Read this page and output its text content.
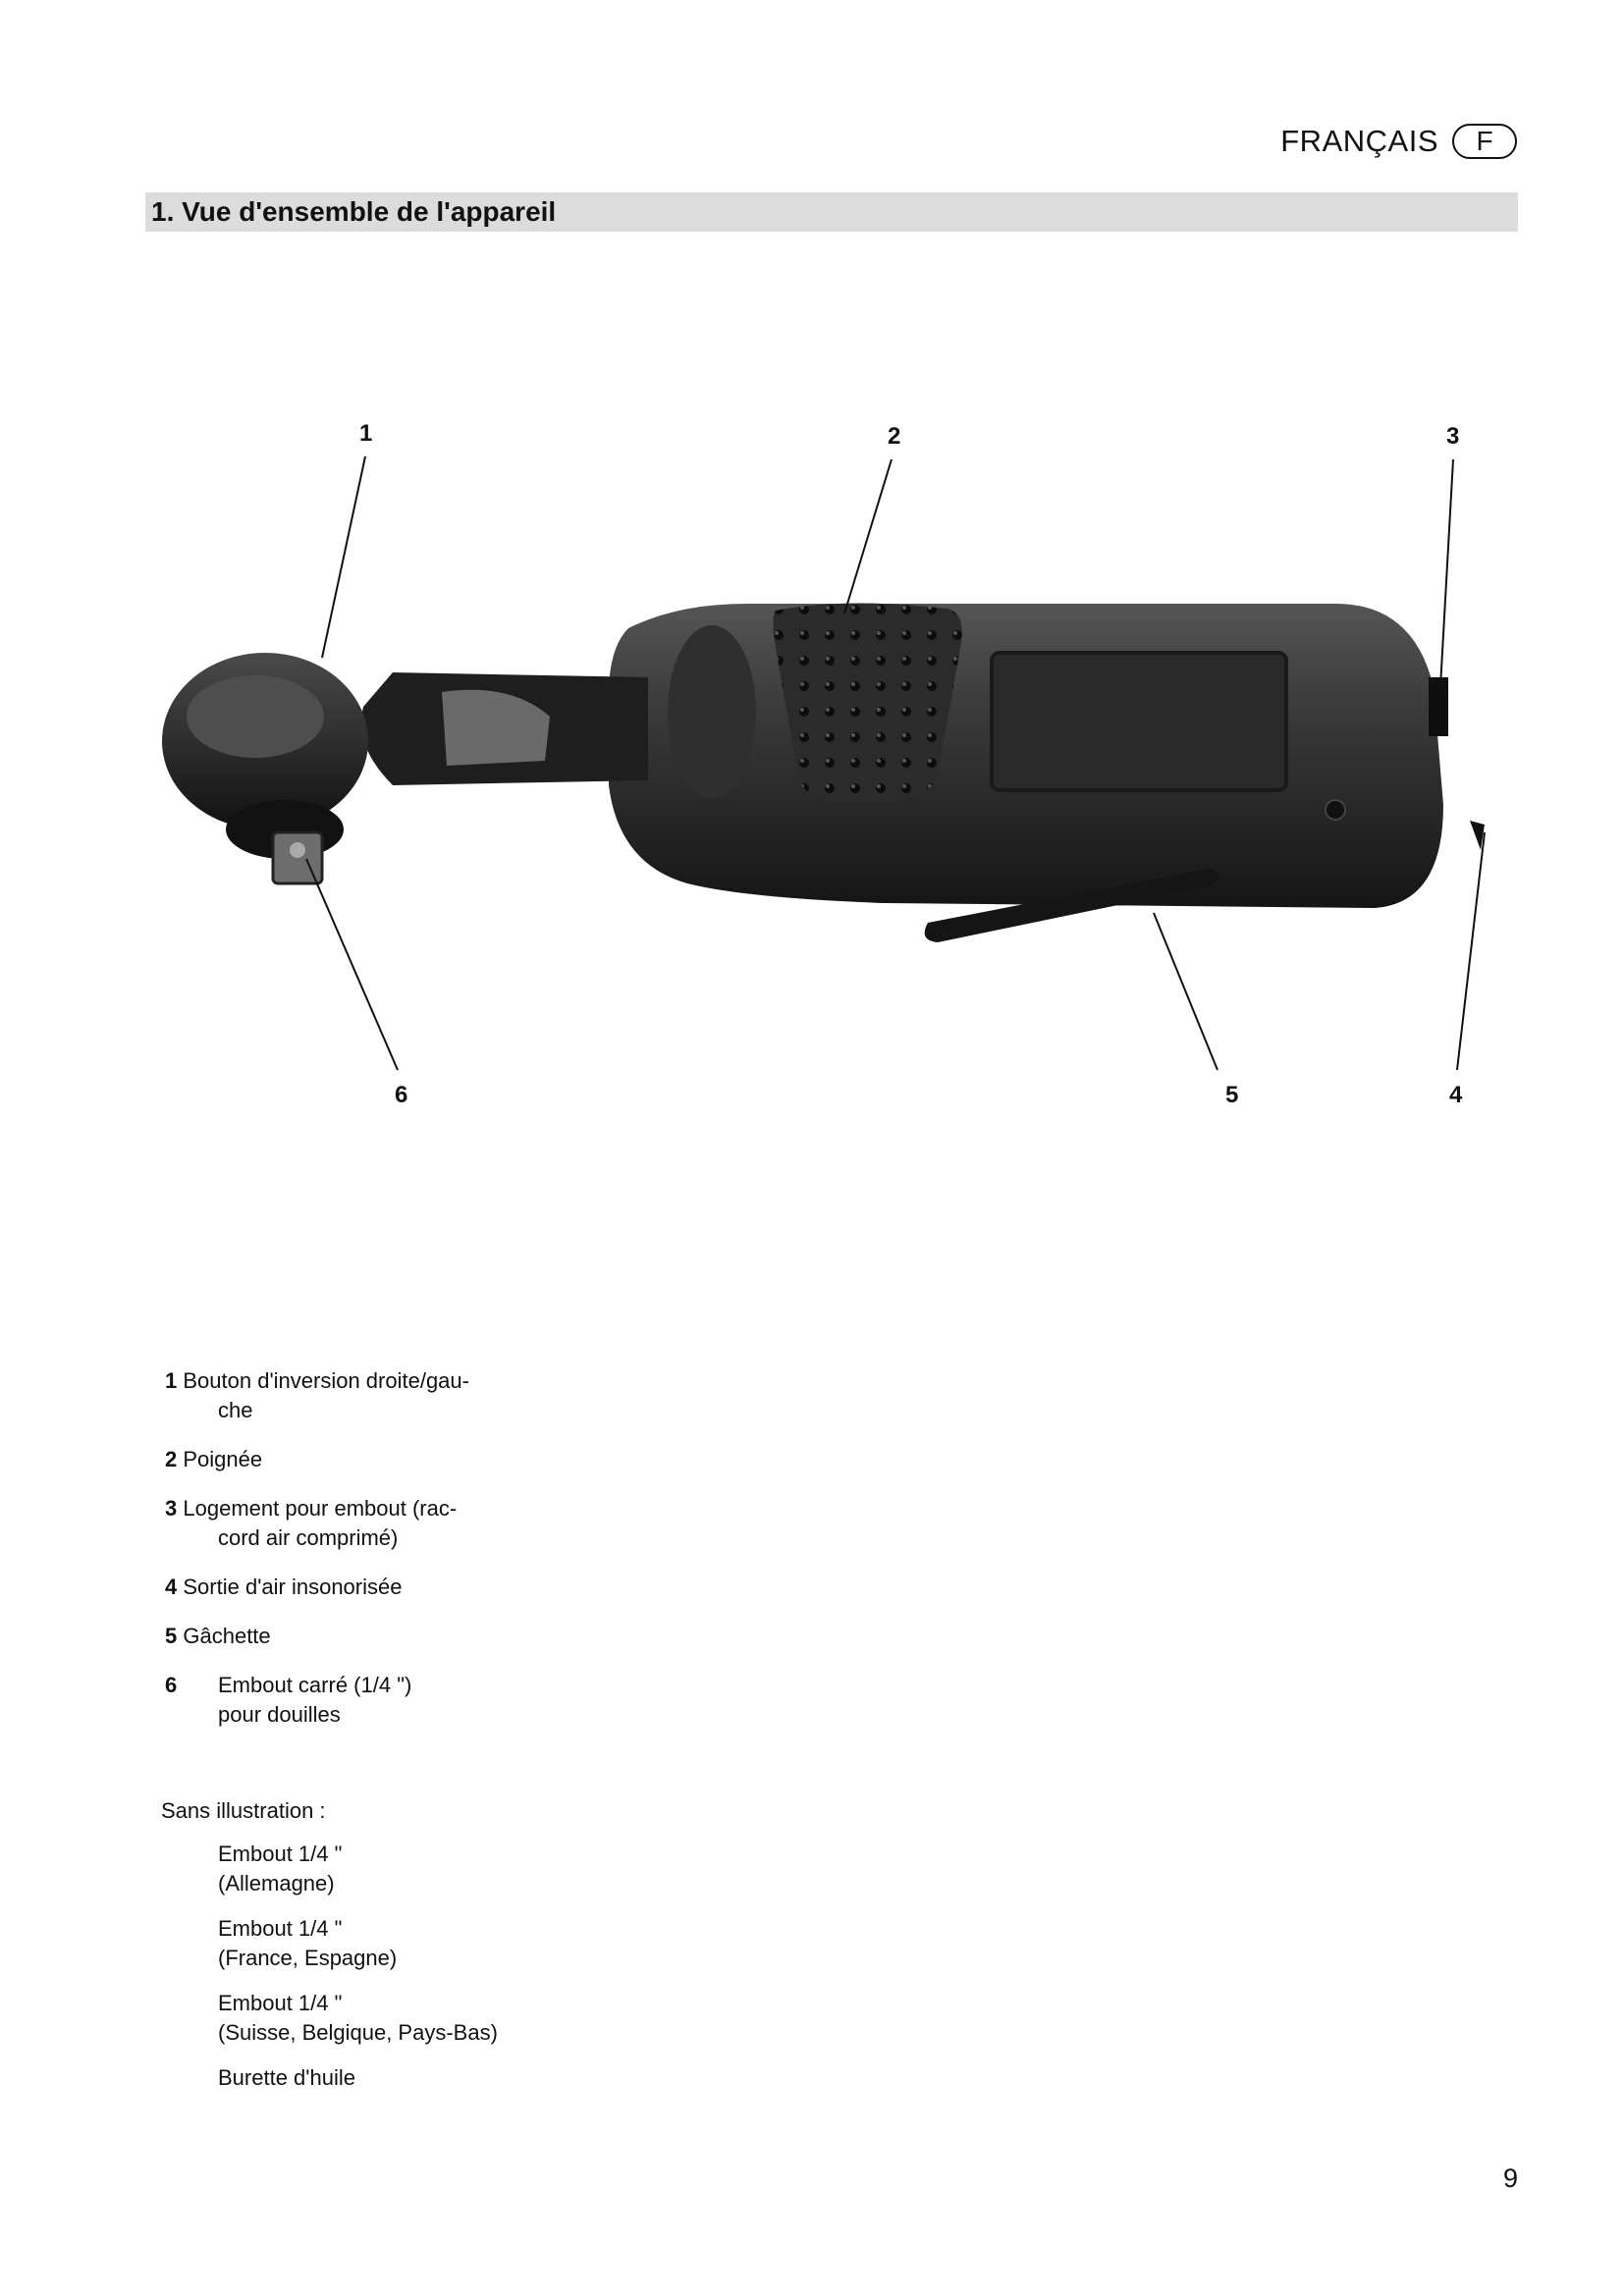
FRANÇAIS	F
1. Vue d'ensemble de l'appareil
1	2	3
4
5
6
1 Bouton d'inversion droite/gau-
che
2 Poignée
3 Logement pour embout (rac-
cord air comprimé)
4 Sortie d'air insonorisée
5 Gâchette
6 Embout carré (1/4 ")
pour douilles
Sans illustration :
Embout 1/4 "
(Allemagne)
Embout 1/4 "
(France, Espagne)
Embout 1/4 "
(Suisse, Belgique, Pays-Bas)
Burette d'huile
9
